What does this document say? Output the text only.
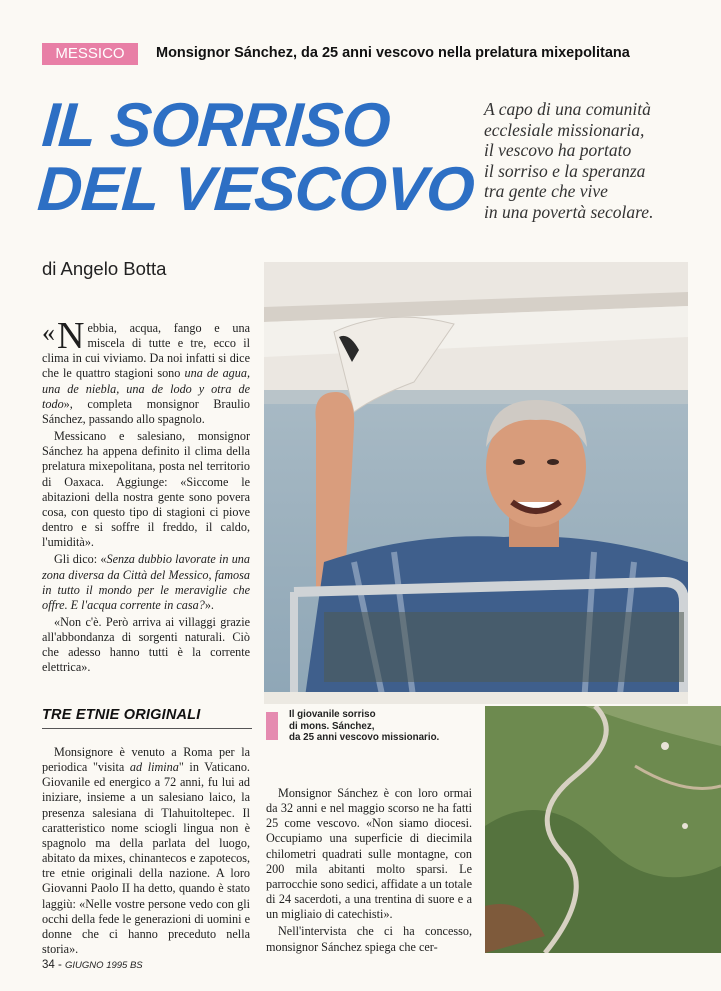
MESSICO	Monsignor Sánchez, da 25 anni vescovo nella prelatura mixepolitana
IL SORRISO
DEL VESCOVO
A capo di una comunità
ecclesiale missionaria,
il vescovo ha portato
il sorriso e la speranza
tra gente che vive
in una povertà secolare.
di Angelo Botta

« N ebbia, acqua, fango e una miscela di tutte e tre, ecco il clima in cui viviamo. Da noi infatti si dice che le quattro stagioni sono una de agua, una de niebla, una de lodo y otra de todo», completa monsignor Braulio Sánchez, passando allo spagnolo.

Messicano e salesiano, monsignor Sánchez ha appena definito il clima della prelatura mixepolitana, posta nel territorio di Oaxaca. Aggiunge: «Siccome le abitazioni della nostra gente sono povera cosa, con questo tipo di stagioni ci piove dentro e si soffre il freddo, il caldo, l'umidità».

Gli dico: «Senza dubbio lavorate in una zona diversa da Città del Messico, famosa in tutto il mondo per le meraviglie che offre. E l'acqua corrente in casa?».

«Non c'è. Però arriva ai villaggi grazie all'abbondanza di sorgenti naturali. Ciò che adesso hanno tutti è la corrente elettrica».

TRE ETNIE ORIGINALI

Monsignore è venuto a Roma per la periodica "visita ad limina" in Vaticano. Giovanile ed energico a 72 anni, fu lui ad iniziare, insieme a un salesiano laico, la presenza salesiana di Tlahuitoltepec. Il caratteristico nome sciogli lingua non è spagnolo ma della parlata del luogo, abitato da mixes, chinantecos e zapotecos, tre etnie originali della nazione. A loro Giovanni Paolo II ha detto, quando è stato laggiù: «Nelle vostre persone vedo con gli occhi della fede le generazioni di uomini e donne che ci hanno preceduto nella storia».

Il giovanile sorriso
di mons. Sánchez,
da 25 anni vescovo missionario.

Monsignor Sánchez è con loro ormai da 32 anni e nel maggio scorso ne ha fatti 25 come vescovo. «Non siamo diocesi. Occupiamo una superficie di diecimila chilometri quadrati sulle montagne, con 200 mila abitanti molto sparsi. Le parrocchie sono sedici, affidate a un totale di 24 sacerdoti, a una trentina di suore e a un migliaio di catechisti».

Nell'intervista che ci ha concesso, monsignor Sánchez spiega che cer-

34 - GIUGNO 1995 BS
